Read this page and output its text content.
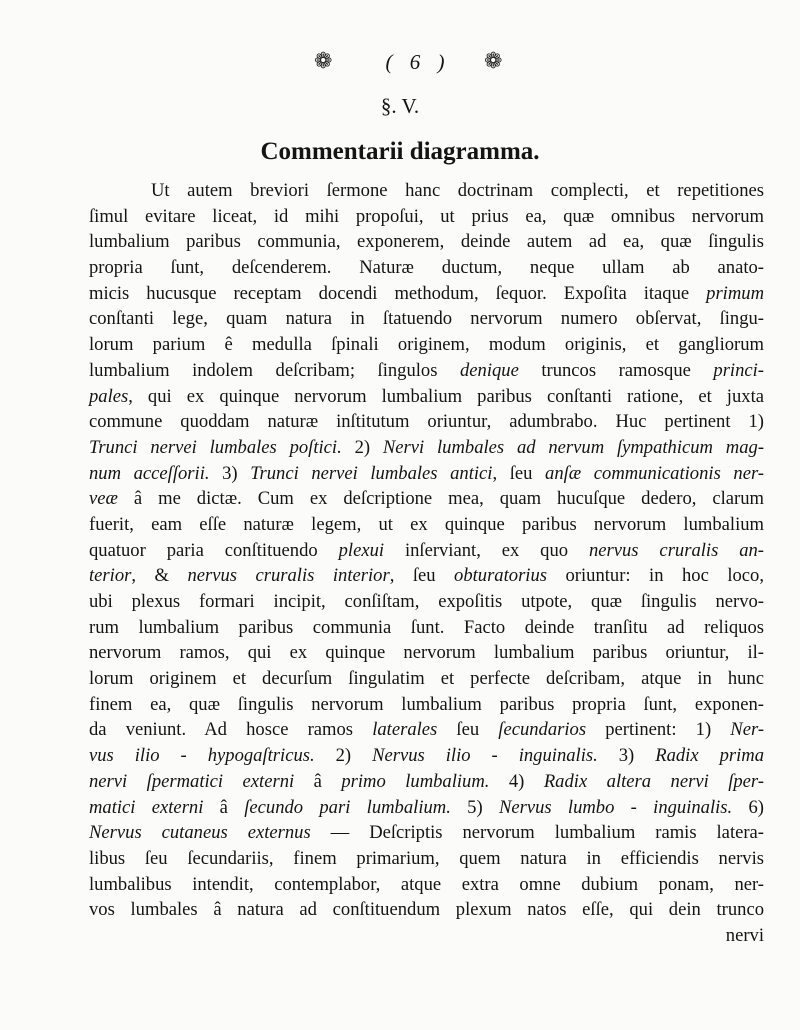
❁	( 6 )	❁
§. V.
Commentarii diagramma.
Ut autem breviori ſermone hanc doctrinam complecti, et repetitiones
ſimul evitare liceat, id mihi propoſui, ut prius ea, quæ omnibus nervorum
lumbalium paribus communia, exponerem, deinde autem ad ea, quæ ſingulis
propria ſunt, deſcenderem. Naturæ ductum, neque ullam ab anato-
micis hucusque receptam docendi methodum, ſequor. Expoſita itaque primum
conſtanti lege, quam natura in ſtatuendo nervorum numero obſervat, ſingu-
lorum parium ê medulla ſpinali originem, modum originis, et gangliorum
lumbalium indolem deſcribam; ſingulos denique truncos ramosque princi-
pales, qui ex quinque nervorum lumbalium paribus conſtanti ratione, et juxta
commune quoddam naturæ inſtitutum oriuntur, adumbrabo. Huc pertinent 1)
Trunci nervei lumbales poſtici. 2) Nervi lumbales ad nervum ſympathicum mag-
num acceſſorii. 3) Trunci nervei lumbales antici, ſeu anſæ communicationis ner-
veæ â me dictæ. Cum ex deſcriptione mea, quam hucuſque dedero, clarum
fuerit, eam eſſe naturæ legem, ut ex quinque paribus nervorum lumbalium
quatuor paria conſtituendo plexui inſerviant, ex quo nervus cruralis an-
terior, & nervus cruralis interior, ſeu obturatorius oriuntur: in hoc loco,
ubi plexus formari incipit, conſiſtam, expoſitis utpote, quæ ſingulis nervo-
rum lumbalium paribus communia ſunt. Facto deinde tranſitu ad reliquos
nervorum ramos, qui ex quinque nervorum lumbalium paribus oriuntur, il-
lorum originem et decurſum ſingulatim et perfecte deſcribam, atque in hunc
finem ea, quæ ſingulis nervorum lumbalium paribus propria ſunt, exponen-
da veniunt. Ad hosce ramos laterales ſeu ſecundarios pertinent: 1) Ner-
vus ilio - hypogaſtricus. 2) Nervus ilio - inguinalis. 3) Radix prima
nervi ſpermatici externi â primo lumbalium. 4) Radix altera nervi ſper-
matici externi â ſecundo pari lumbalium. 5) Nervus lumbo - inguinalis. 6)
Nervus cutaneus externus — Deſcriptis nervorum lumbalium ramis latera-
libus ſeu ſecundariis, finem primarium, quem natura in efficiendis nervis
lumbalibus intendit, contemplabor, atque extra omne dubium ponam, ner-
vos lumbales â natura ad conſtituendum plexum natos eſſe, qui dein trunco
nervi
